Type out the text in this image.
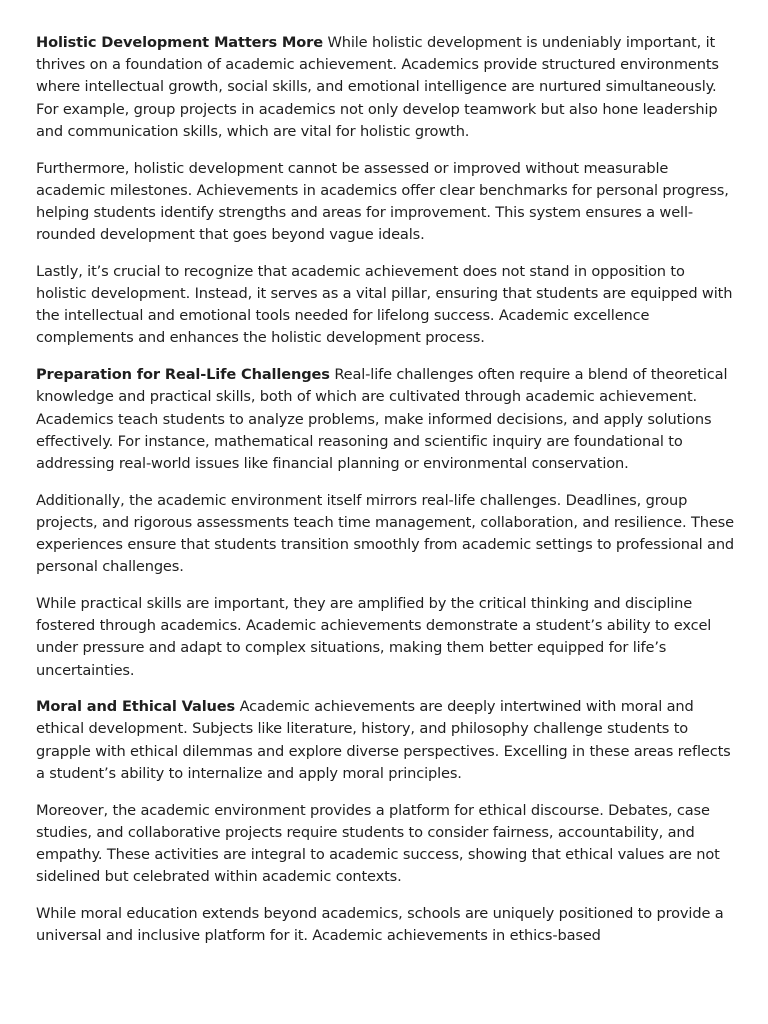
Holistic Development Matters More While holistic development is undeniably important, it thrives on a foundation of academic achievement. Academics provide structured environments where intellectual growth, social skills, and emotional intelligence are nurtured simultaneously. For example, group projects in academics not only develop teamwork but also hone leadership and communication skills, which are vital for holistic growth.

Furthermore, holistic development cannot be assessed or improved without measurable academic milestones. Achievements in academics offer clear benchmarks for personal progress, helping students identify strengths and areas for improvement. This system ensures a well-rounded development that goes beyond vague ideals.

Lastly, it’s crucial to recognize that academic achievement does not stand in opposition to holistic development. Instead, it serves as a vital pillar, ensuring that students are equipped with the intellectual and emotional tools needed for lifelong success. Academic excellence complements and enhances the holistic development process.

Preparation for Real-Life Challenges Real-life challenges often require a blend of theoretical knowledge and practical skills, both of which are cultivated through academic achievement. Academics teach students to analyze problems, make informed decisions, and apply solutions effectively. For instance, mathematical reasoning and scientific inquiry are foundational to addressing real-world issues like financial planning or environmental conservation.

Additionally, the academic environment itself mirrors real-life challenges. Deadlines, group projects, and rigorous assessments teach time management, collaboration, and resilience. These experiences ensure that students transition smoothly from academic settings to professional and personal challenges.

While practical skills are important, they are amplified by the critical thinking and discipline fostered through academics. Academic achievements demonstrate a student’s ability to excel under pressure and adapt to complex situations, making them better equipped for life’s uncertainties.

Moral and Ethical Values Academic achievements are deeply intertwined with moral and ethical development. Subjects like literature, history, and philosophy challenge students to grapple with ethical dilemmas and explore diverse perspectives. Excelling in these areas reflects a student’s ability to internalize and apply moral principles.

Moreover, the academic environment provides a platform for ethical discourse. Debates, case studies, and collaborative projects require students to consider fairness, accountability, and empathy. These activities are integral to academic success, showing that ethical values are not sidelined but celebrated within academic contexts.

While moral education extends beyond academics, schools are uniquely positioned to provide a universal and inclusive platform for it. Academic achievements in ethics-based
